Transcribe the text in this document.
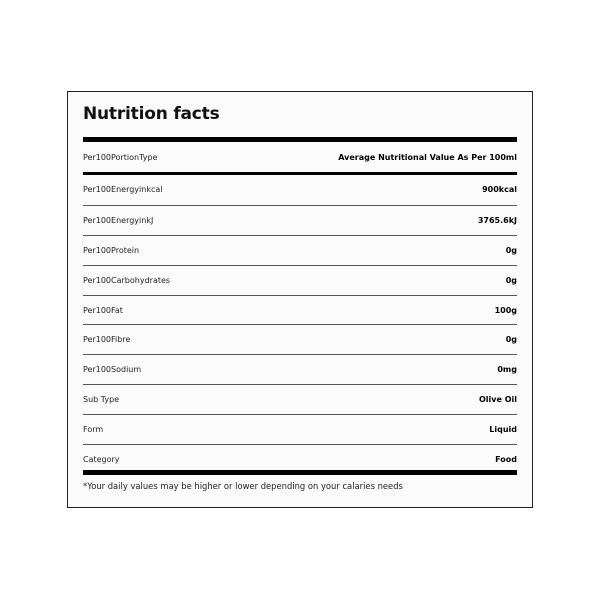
Nutrition facts
Per100PortionType	Average Nutritional Value As Per 100ml
Per100Energyinkcal	900kcal
Per100EnergyinkJ	3765.6kJ
Per100Protein	0g
Per100Carbohydrates	0g
Per100Fat	100g
Per100Fibre	0g
Per100Sodium	0mg
Sub Type	Olive Oil
Form	Liquid
Category	Food
*Your daily values may be higher or lower depending on your calaries needs
